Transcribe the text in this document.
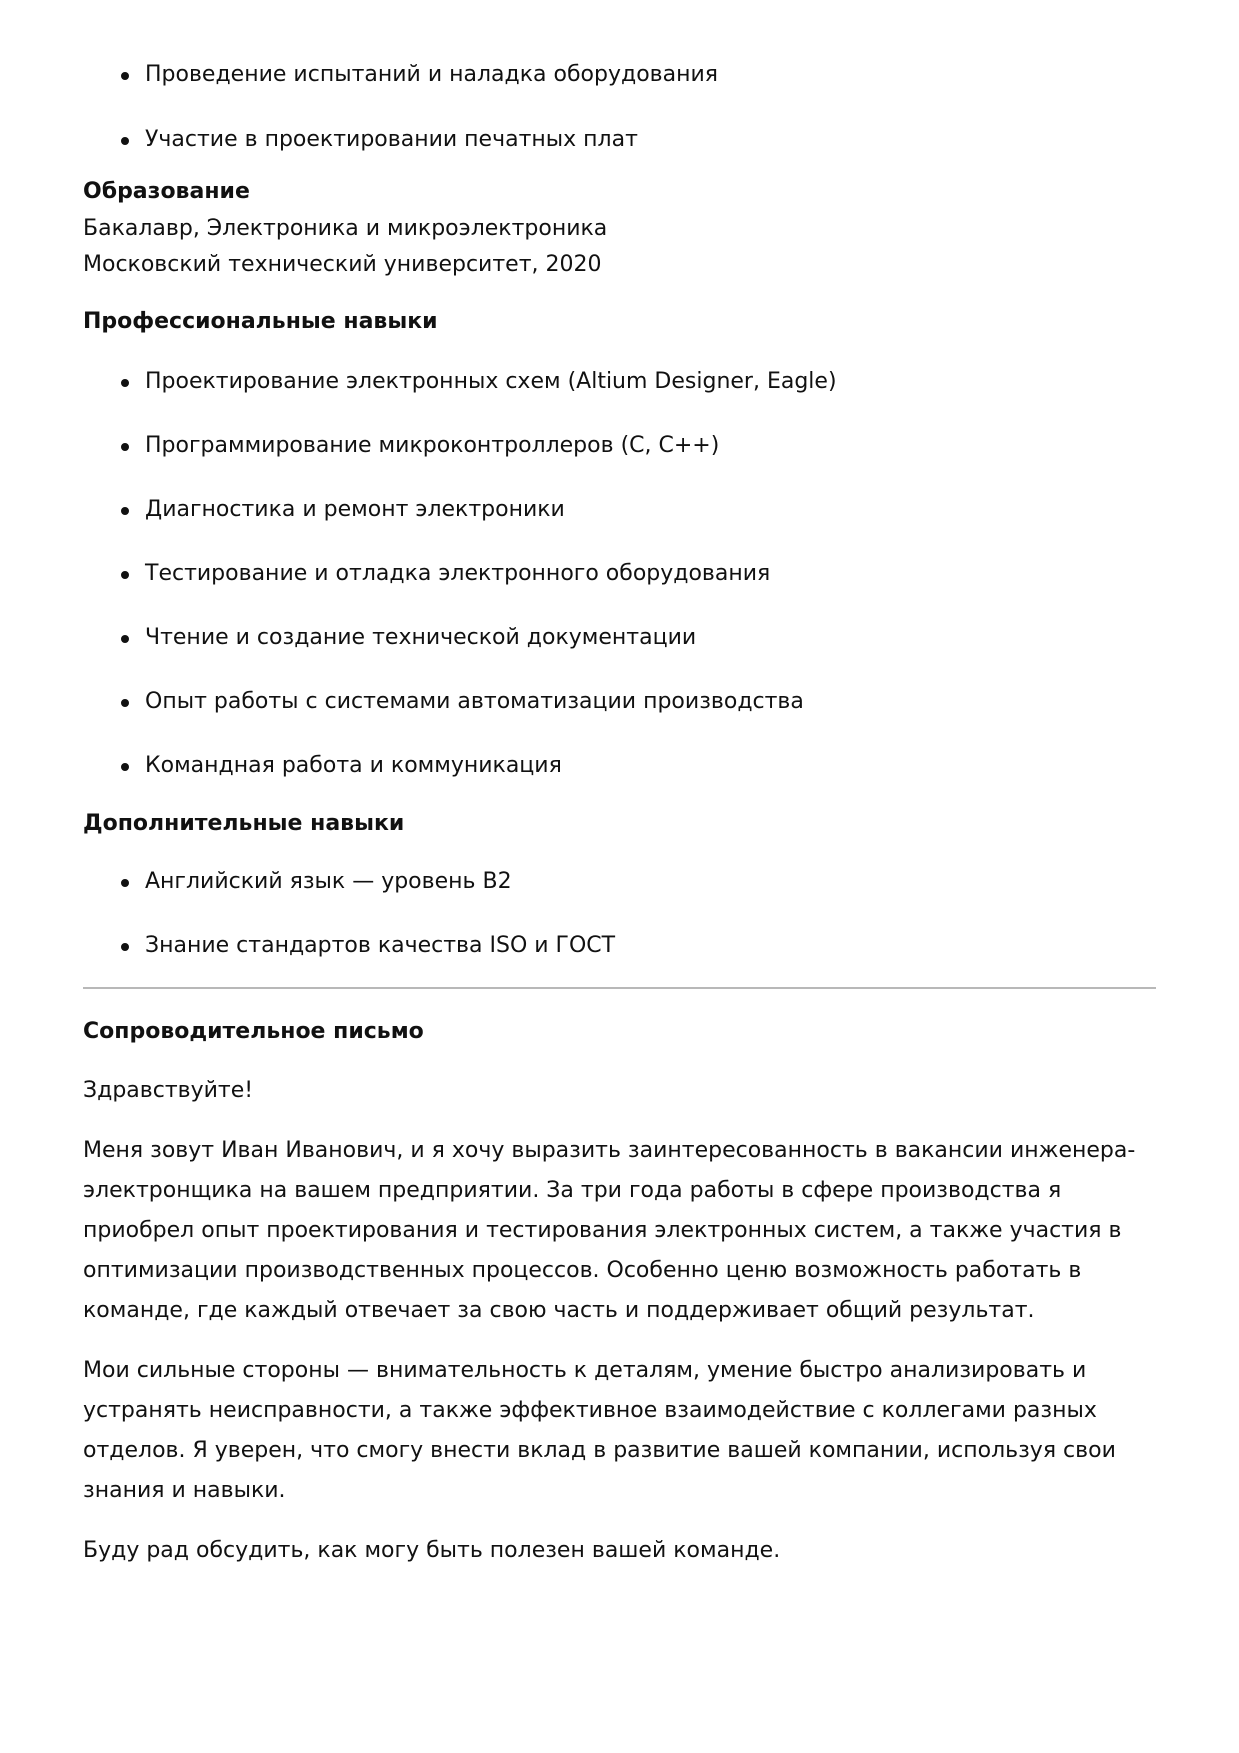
Проведение испытаний и наладка оборудования
Участие в проектировании печатных плат
Образование

Бакалавр, Электроника и микроэлектроника

Московский технический университет, 2020

Профессиональные навыки
Проектирование электронных схем (Altium Designer, Eagle)
Программирование микроконтроллеров (C, C++)
Диагностика и ремонт электроники
Тестирование и отладка электронного оборудования
Чтение и создание технической документации
Опыт работы с системами автоматизации производства
Командная работа и коммуникация
Дополнительные навыки
Английский язык — уровень B2
Знание стандартов качества ISO и ГОСТ
Сопроводительное письмо

Здравствуйте!

Меня зовут Иван Иванович, и я хочу выразить заинтересованность в вакансии инженера-электронщика на вашем предприятии. За три года работы в сфере производства я приобрел опыт проектирования и тестирования электронных систем, а также участия в оптимизации производственных процессов. Особенно ценю возможность работать в команде, где каждый отвечает за свою часть и поддерживает общий результат.

Мои сильные стороны — внимательность к деталям, умение быстро анализировать и устранять неисправности, а также эффективное взаимодействие с коллегами разных отделов. Я уверен, что смогу внести вклад в развитие вашей компании, используя свои знания и навыки.

Буду рад обсудить, как могу быть полезен вашей команде.
